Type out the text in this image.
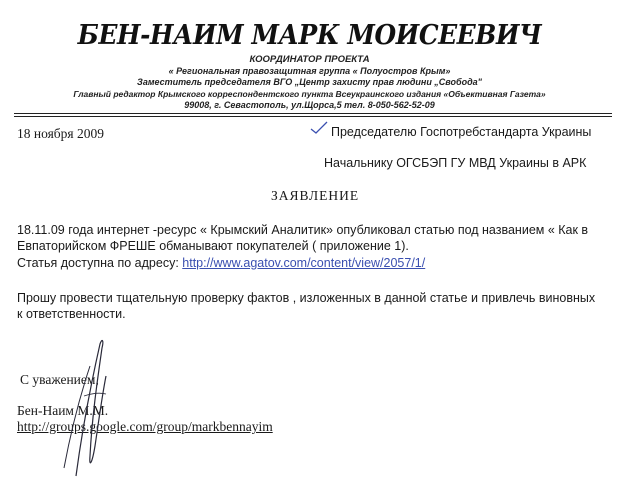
БЕН-НАИМ МАРК МОИСЕЕВИЧ
КООРДИНАТОР ПРОЕКТА
« Региональная правозащитная группа « Полуостров Крым»
Заместитель председателя ВГО „Центр захисту прав людини „Свобода"
Главный редактор Крымского корреспондентского пункта Всеукраинского издания «Объективная Газета»
99008, г. Севастополь, ул.Щорса,5 тел. 8-050-562-52-09
18 ноября 2009	Председателю Госпотребстандарта Украины
Начальнику ОГСБЭП ГУ МВД Украины в АРК
ЗАЯВЛЕНИЕ
18.11.09 года интернет -ресурс « Крымский Аналитик» опубликовал статью под названием « Как в
Евпаторийском ФРЕШЕ обманывают покупателей ( приложение 1).
Статья доступна по адресу: http://www.agatov.com/content/view/2057/1/
Прошу провести тщательную проверку фактов , изложенных в данной статье и привлечь виновных
к ответственности.
С уважением,
Бен-Наим М.М.
http://groups.google.com/group/markbennayim
